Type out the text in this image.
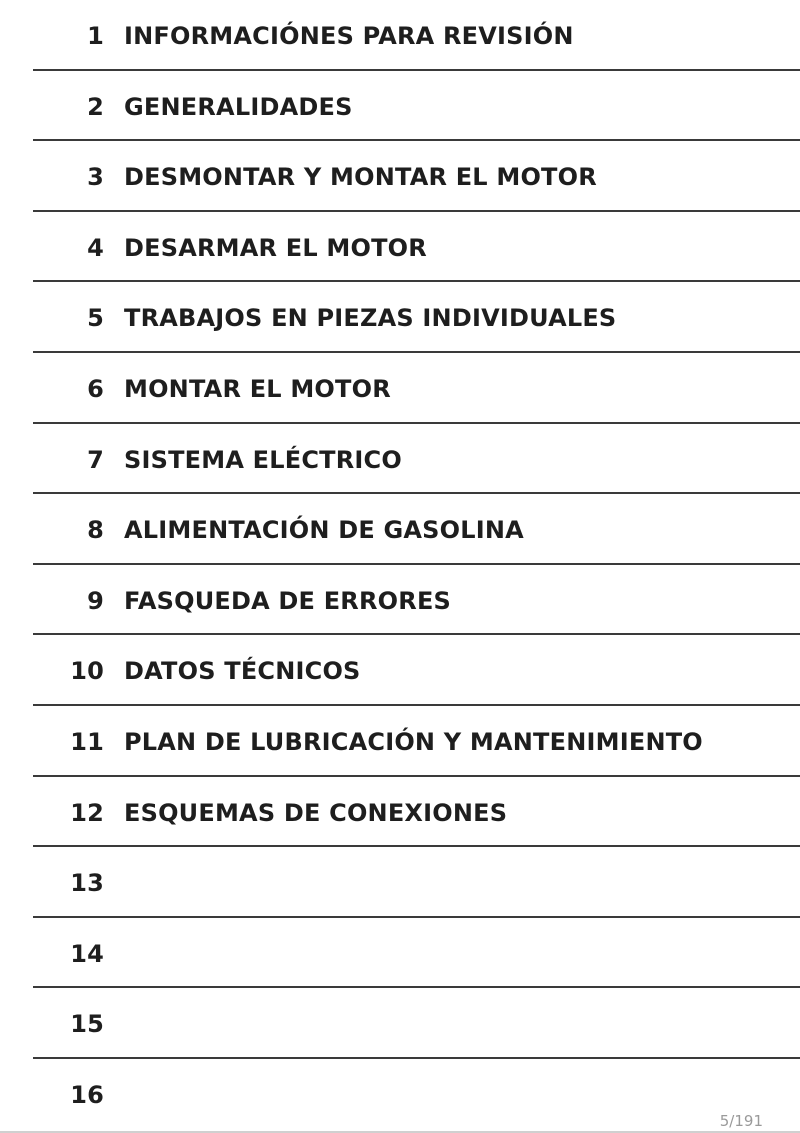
1 INFORMACIÓNES PARA REVISIÓN
2 GENERALIDADES
3 DESMONTAR Y MONTAR EL MOTOR
4 DESARMAR EL MOTOR
5 TRABAJOS EN PIEZAS INDIVIDUALES
6 MONTAR EL MOTOR
7 SISTEMA ELÉCTRICO
8 ALIMENTACIÓN DE GASOLINA
9 FASQUEDA DE ERRORES
10 DATOS TÉCNICOS
11 PLAN DE LUBRICACIÓN Y MANTENIMIENTO
12 ESQUEMAS DE CONEXIONES
13
14
15
16
5/191
